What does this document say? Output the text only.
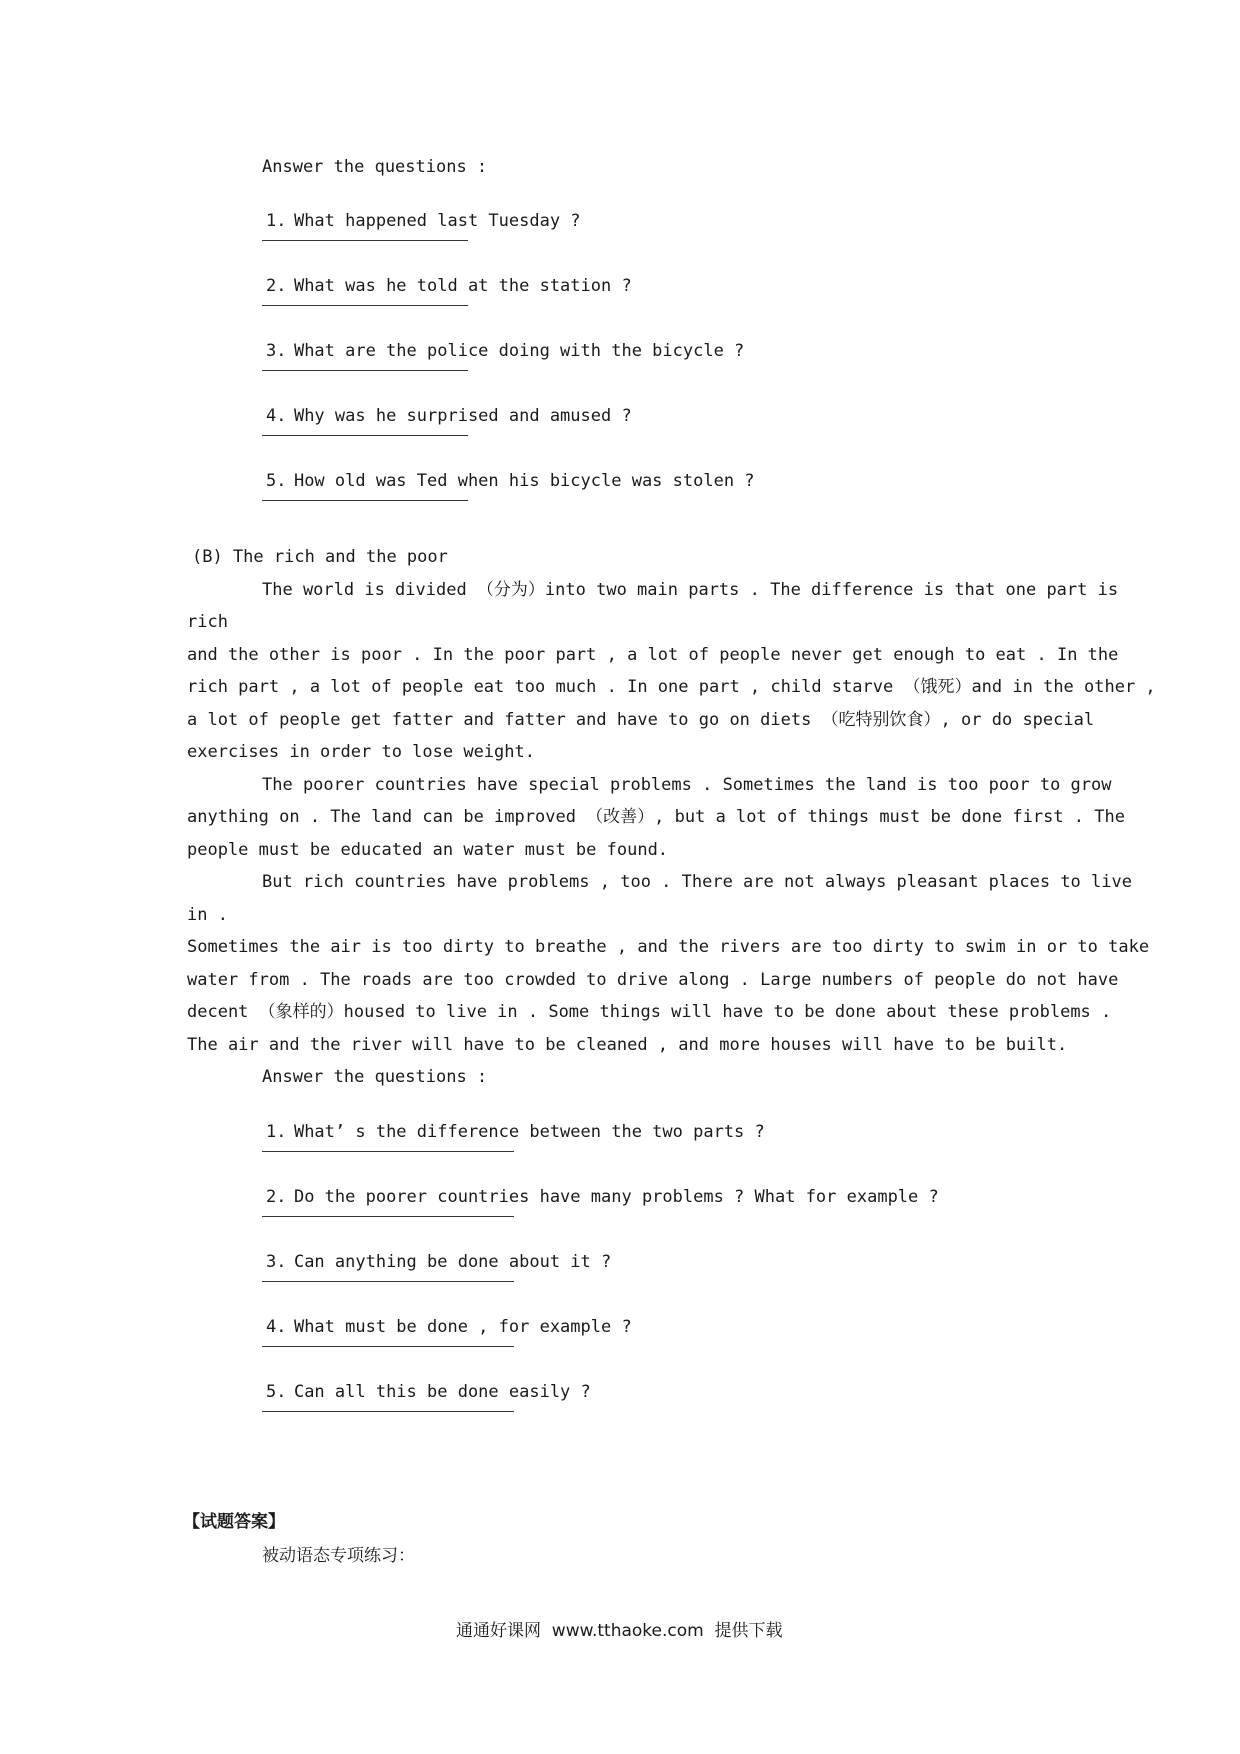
Answer the questions :

1. What happened last Tuesday ?

2. What was he told at the station ?

3. What are the police doing with the bicycle ?

4. Why was he surprised and amused ?

5. How old was Ted when his bicycle was stolen ?

(B) The rich and the poor
The world is divided （分为）into two main parts . The difference is that one part is
rich
and the other is poor . In the poor part , a lot of people never get enough to eat . In the
rich part , a lot of people eat too much . In one part , child starve （饿死）and in the other ,
a lot of people get fatter and fatter and have to go on diets （吃特别饮食）, or do special
exercises in order to lose weight.
The poorer countries have special problems . Sometimes the land is too poor to grow
anything on . The land can be improved （改善）, but a lot of things must be done first . The
people must be educated an water must be found.
But rich countries have problems , too . There are not always pleasant places to live
in .
Sometimes the air is too dirty to breathe , and the rivers are too dirty to swim in or to take
water from . The roads are too crowded to drive along . Large numbers of people do not have
decent （象样的）housed to live in . Some things will have to be done about these problems .
The air and the river will have to be cleaned , and more houses will have to be built.
Answer the questions :

1. What’ s the difference between the two parts ?

2. Do the poorer countries have many problems ? What for example ?

3. Can anything be done about it ?

4. What must be done , for example ?

5. Can all this be done easily ?

【试题答案】
被动语态专项练习：
通通好课网  www.tthaoke.com  提供下载
